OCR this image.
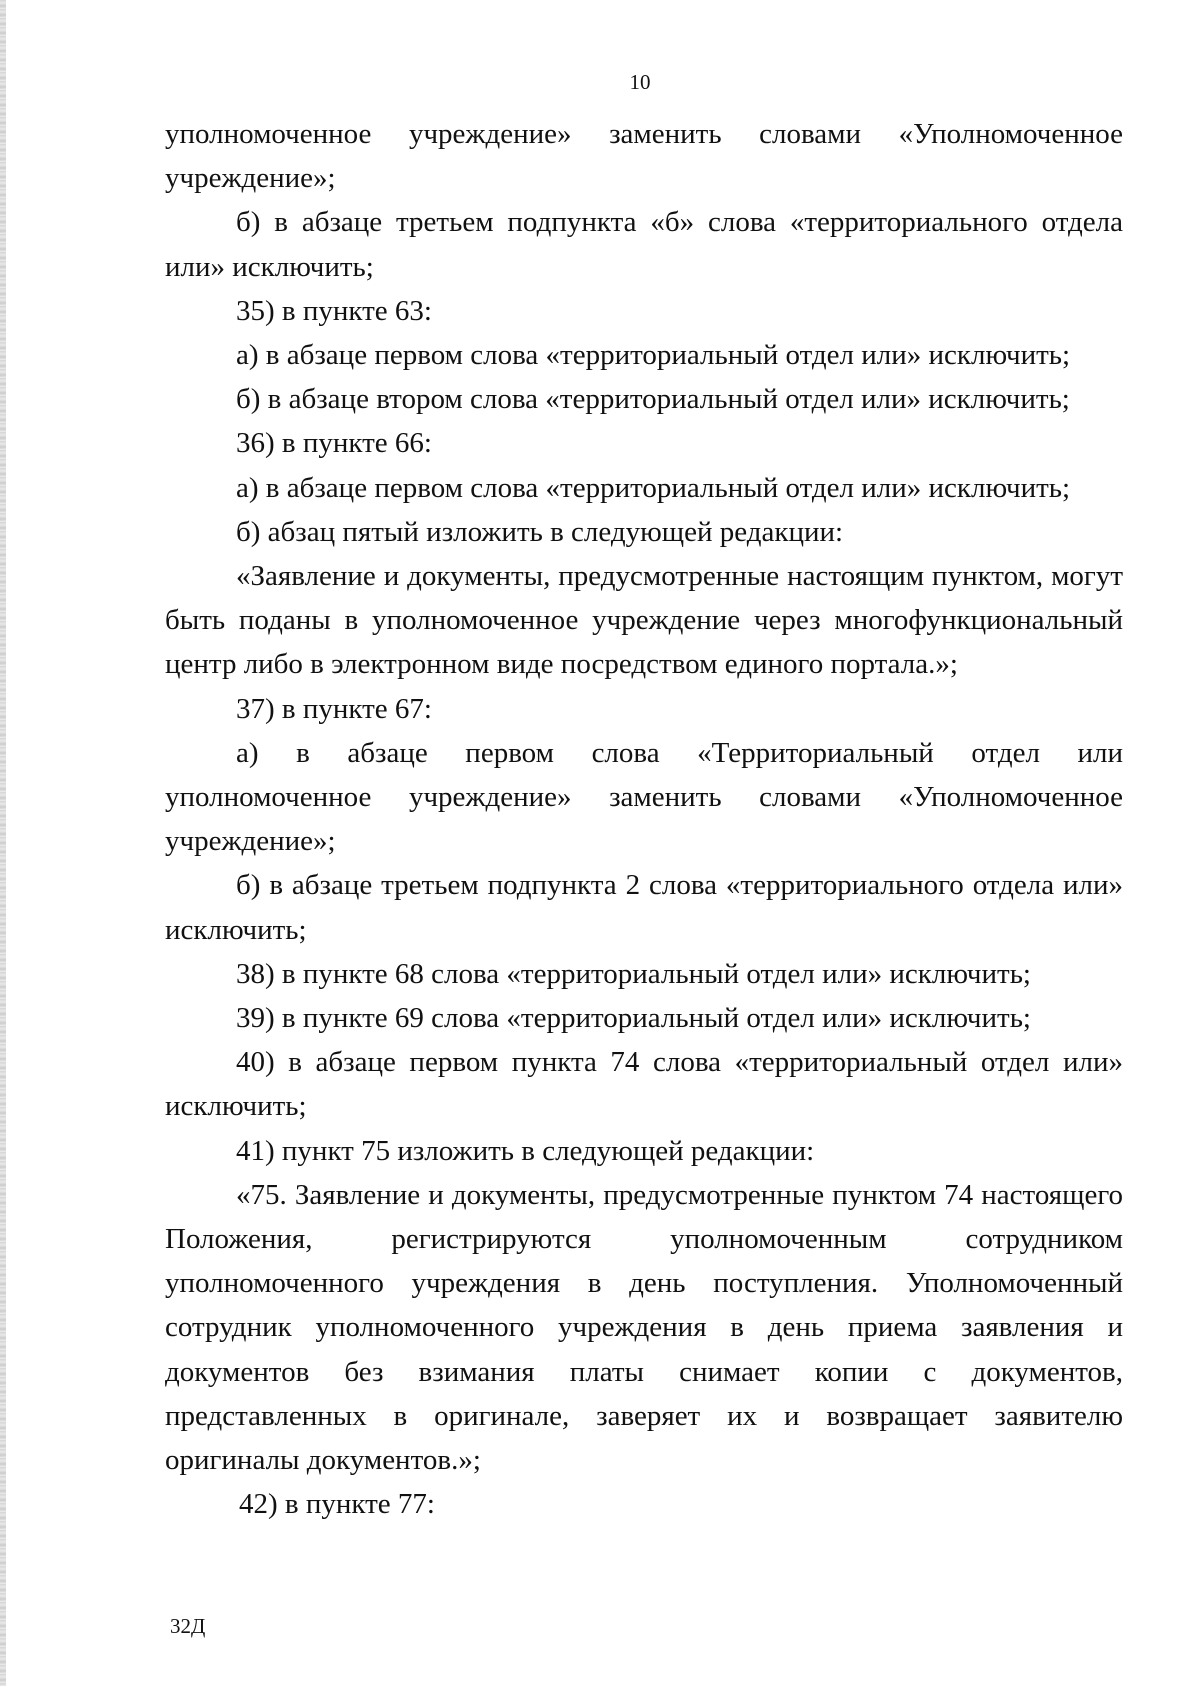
10

уполномоченное учреждение» заменить словами «Уполномоченное учреждение»;

б) в абзаце третьем подпункта «б» слова «территориального отдела или» исключить;

35) в пункте 63:

а) в абзаце первом слова «территориальный отдел или» исключить;

б) в абзаце втором слова «территориальный отдел или» исключить;

36) в пункте 66:

а) в абзаце первом слова «территориальный отдел или» исключить;

б) абзац пятый изложить в следующей редакции:

«Заявление и документы, предусмотренные настоящим пунктом, могут быть поданы в уполномоченное учреждение через многофункциональный центр либо в электронном виде посредством единого портала.»;

37) в пункте 67:

а) в абзаце первом слова «Территориальный отдел или уполномоченное учреждение» заменить словами «Уполномоченное учреждение»;

б) в абзаце третьем подпункта 2 слова «территориального отдела или» исключить;

38) в пункте 68 слова «территориальный отдел или» исключить;

39) в пункте 69 слова «территориальный отдел или» исключить;

40) в абзаце первом пункта 74 слова «территориальный отдел или» исключить;

41) пункт 75 изложить в следующей редакции:

«75. Заявление и документы, предусмотренные пунктом 74 настоящего Положения, регистрируются уполномоченным сотрудником уполномоченного учреждения в день поступления. Уполномоченный сотрудник уполномоченного учреждения в день приема заявления и документов без взимания платы снимает копии с документов, представленных в оригинале, заверяет их и возвращает заявителю оригиналы документов.»;

42) в пункте 77:

32Д
